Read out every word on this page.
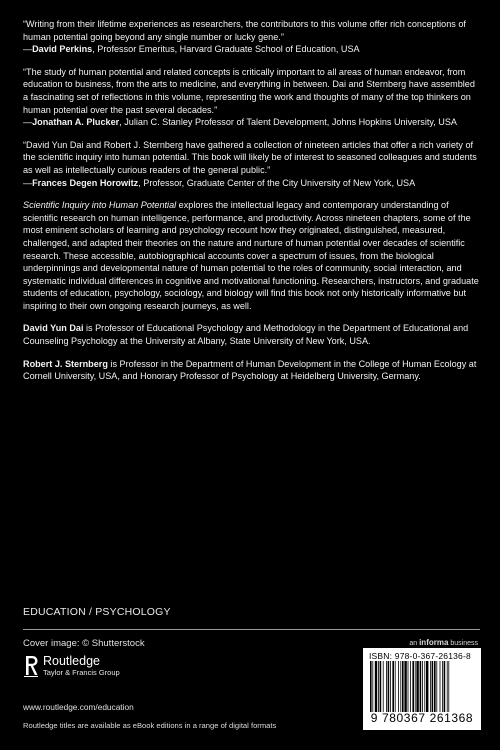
“Writing from their lifetime experiences as researchers, the contributors to this volume offer rich conceptions of human potential going beyond any single number or lucky gene.”

—David Perkins, Professor Emeritus, Harvard Graduate School of Education, USA

“The study of human potential and related concepts is critically important to all areas of human endeavor, from education to business, from the arts to medicine, and everything in between. Dai and Sternberg have assembled a fascinating set of reflections in this volume, representing the work and thoughts of many of the top thinkers on human potential over the past several decades.”

—Jonathan A. Plucker, Julian C. Stanley Professor of Talent Development, Johns Hopkins University, USA

“David Yun Dai and Robert J. Sternberg have gathered a collection of nineteen articles that offer a rich variety of the scientific inquiry into human potential. This book will likely be of interest to seasoned colleagues and students as well as intellectually curious readers of the general public.”

—Frances Degen Horowitz, Professor, Graduate Center of the City University of New York, USA

Scientific Inquiry into Human Potential explores the intellectual legacy and contemporary understanding of scientific research on human intelligence, performance, and productivity. Across nineteen chapters, some of the most eminent scholars of learning and psychology recount how they originated, distinguished, measured, challenged, and adapted their theories on the nature and nurture of human potential over decades of scientific research. These accessible, autobiographical accounts cover a spectrum of issues, from the biological underpinnings and developmental nature of human potential to the roles of community, social interaction, and systematic individual differences in cognitive and motivational functioning. Researchers, instructors, and graduate students of education, psychology, sociology, and biology will find this book not only historically informative but inspiring to their own ongoing research journeys, as well.

David Yun Dai is Professor of Educational Psychology and Methodology in the Department of Educational and Counseling Psychology at the University at Albany, State University of New York, USA.

Robert J. Sternberg is Professor in the Department of Human Development in the College of Human Ecology at Cornell University, USA, and Honorary Professor of Psychology at Heidelberg University, Germany.

EDUCATION / PSYCHOLOGY
Cover image: © Shutterstock	an informa business
Routledge
Taylor & Francis Group
www.routledge.com/education
Routledge titles are available as eBook editions in a range of digital formats
ISBN: 978-0-367-26136-8
9 780367 261368
